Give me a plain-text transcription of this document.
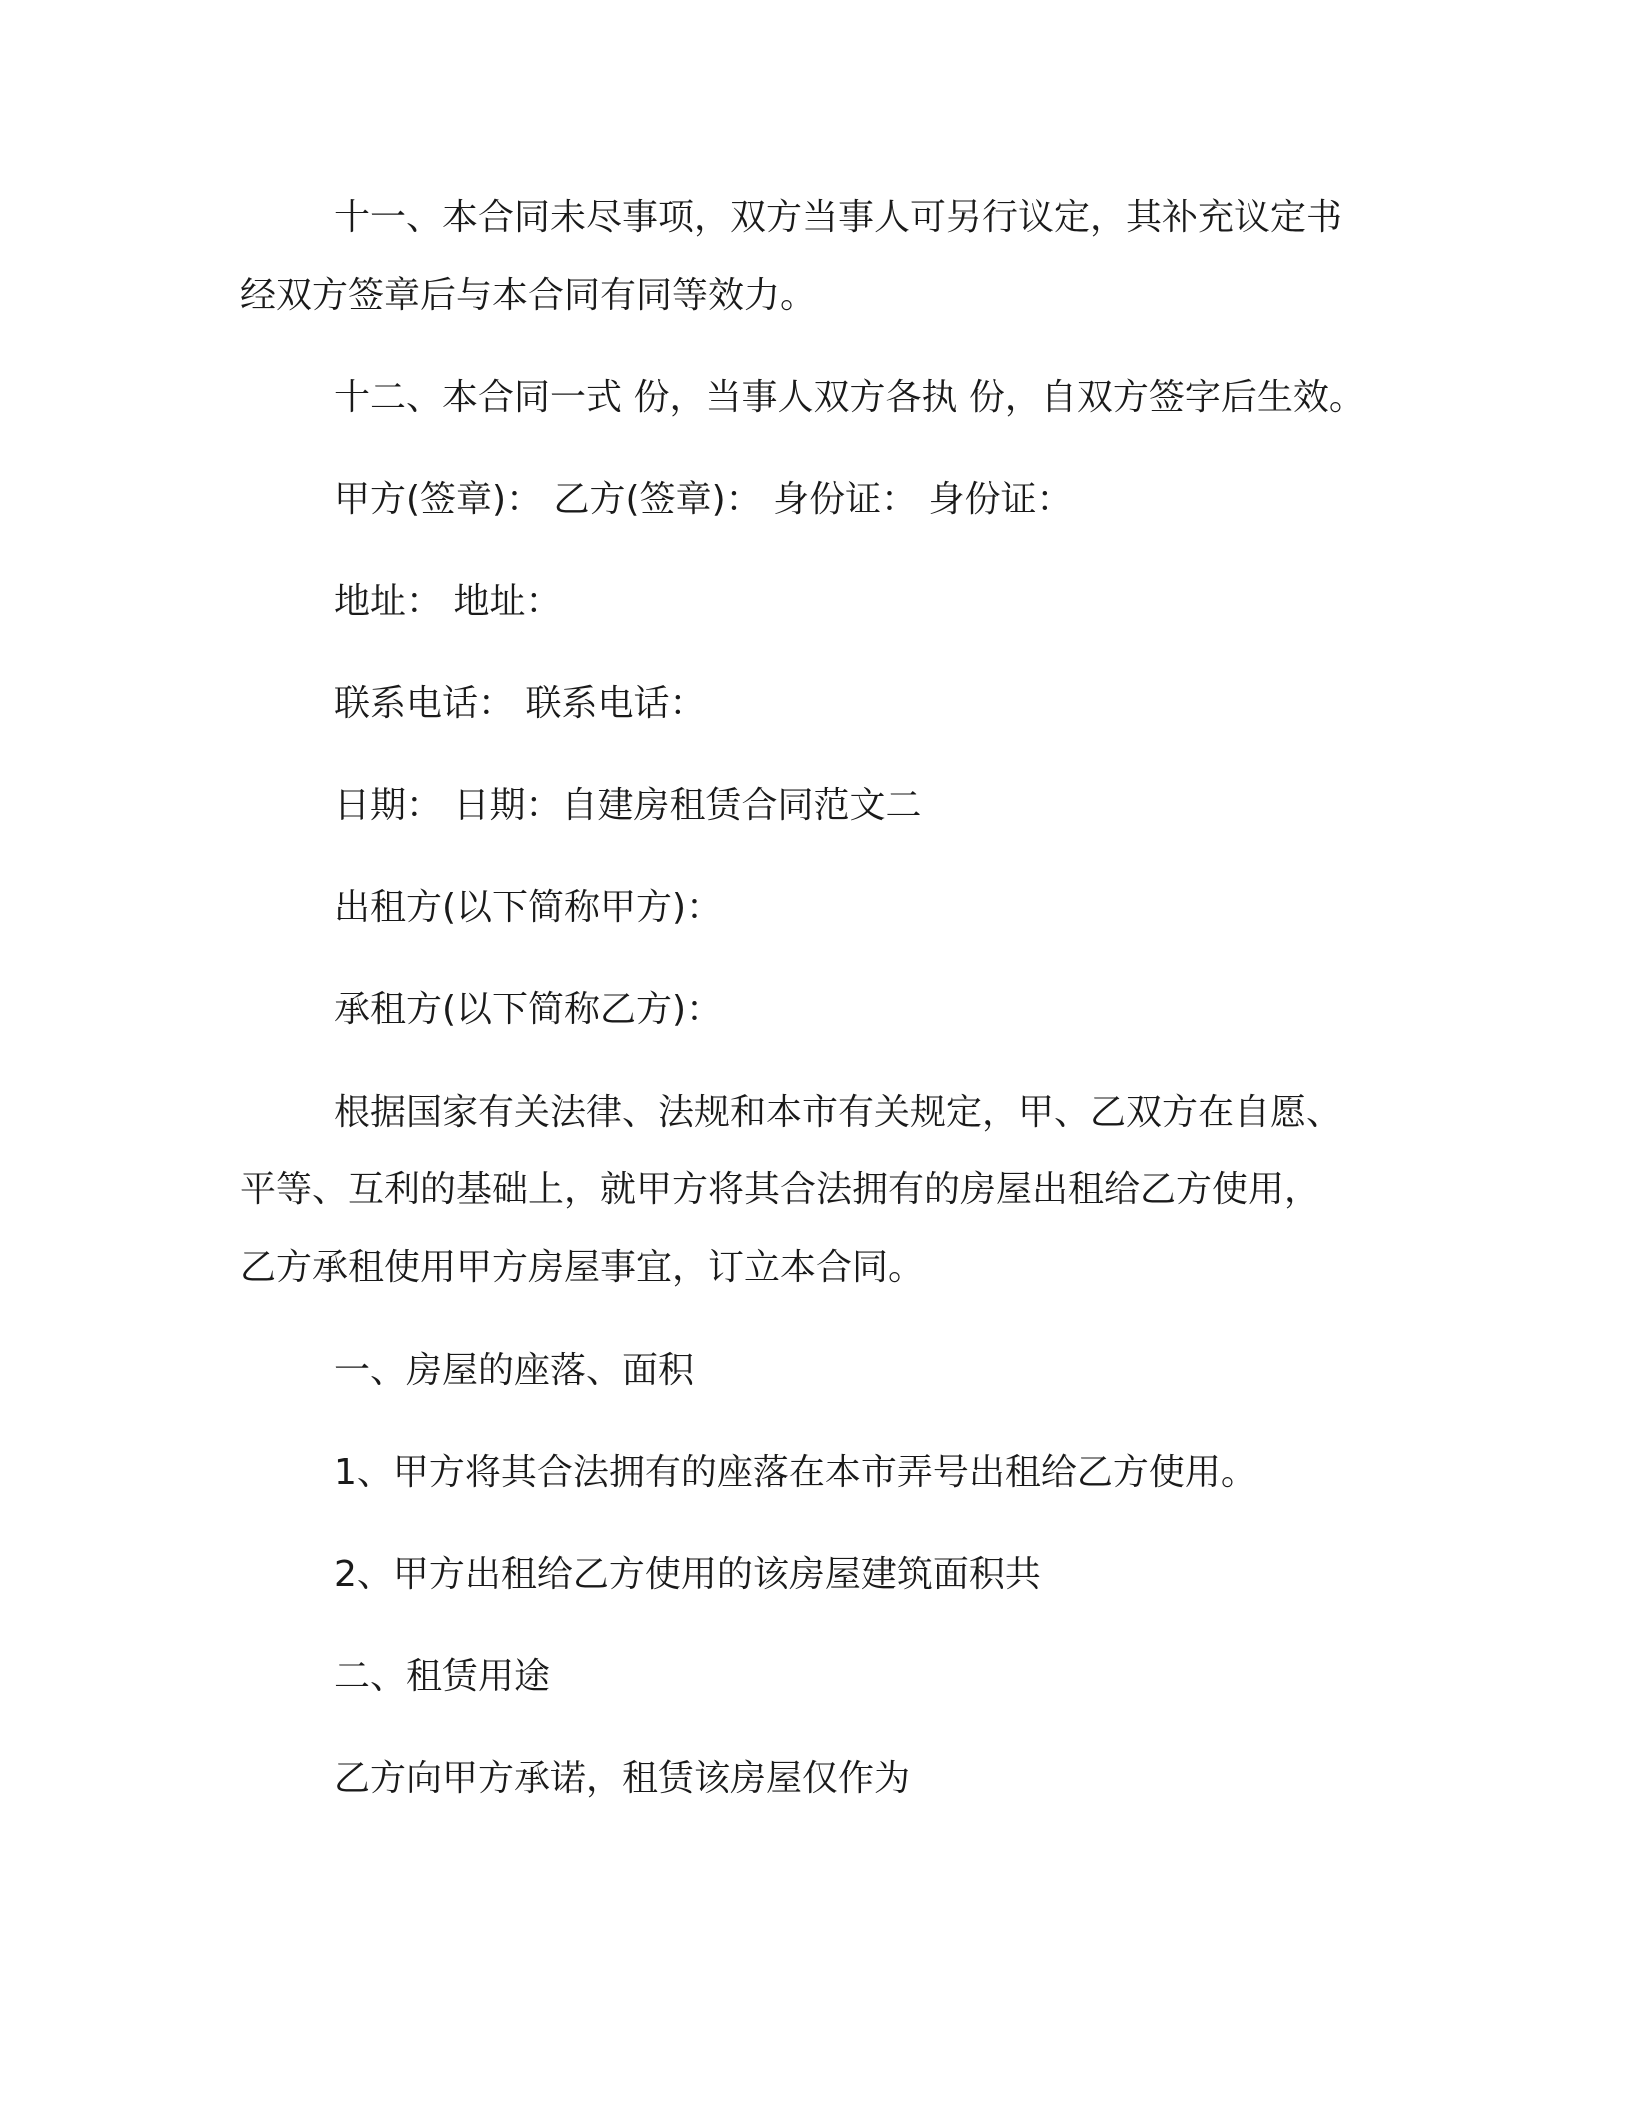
十一、本合同未尽事项，双方当事人可另行议定，其补充议定书
经双方签章后与本合同有同等效力。
十二、本合同一式 份，当事人双方各执 份，自双方签字后生效。
甲方(签章)： 乙方(签章)： 身份证： 身份证：
地址： 地址：
联系电话： 联系电话：
日期： 日期：自建房租赁合同范文二
出租方(以下简称甲方)：
承租方(以下简称乙方)：
根据国家有关法律、法规和本市有关规定，甲、乙双方在自愿、
平等、互利的基础上，就甲方将其合法拥有的房屋出租给乙方使用，
乙方承租使用甲方房屋事宜，订立本合同。
一、房屋的座落、面积
1、甲方将其合法拥有的座落在本市弄号出租给乙方使用。
2、甲方出租给乙方使用的该房屋建筑面积共
二、租赁用途
乙方向甲方承诺，租赁该房屋仅作为
